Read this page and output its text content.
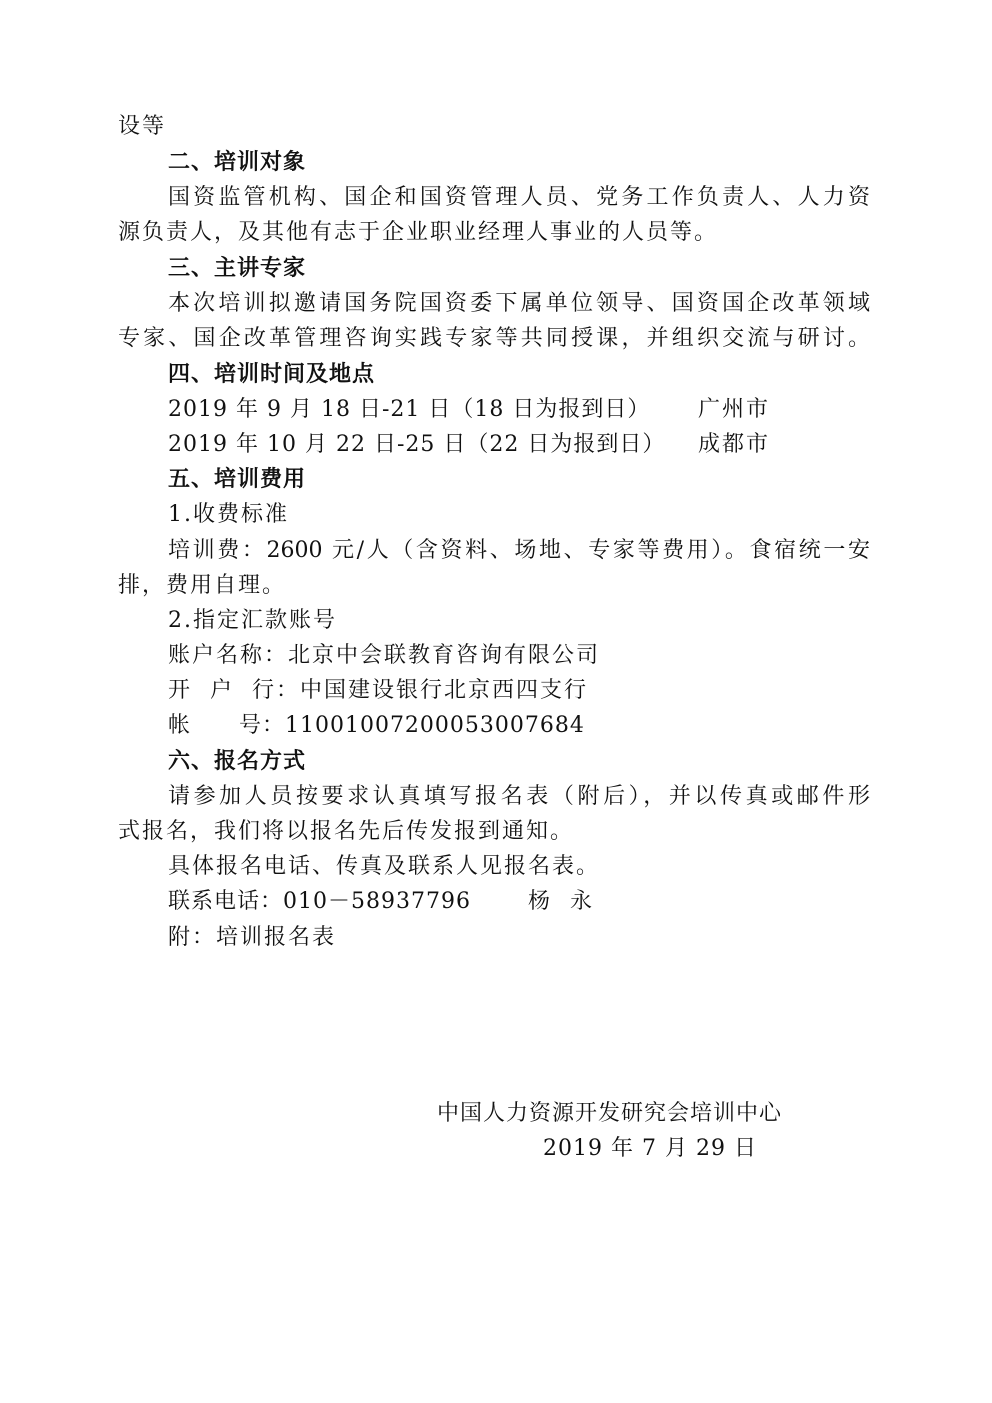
设等
二、培训对象
国资监管机构、国企和国资管理人员、党务工作负责人、人力资
源负责人，及其他有志于企业职业经理人事业的人员等。
三、主讲专家
本次培训拟邀请国务院国资委下属单位领导、国资国企改革领域
专家、国企改革管理咨询实践专家等共同授课，并组织交流与研讨。
四、培训时间及地点
2019 年 9 月 18 日-21 日（18 日为报到日） 广州市
2019 年 10 月 22 日-25 日（22 日为报到日） 成都市
五、培训费用
1.收费标准
培训费：2600 元/人（含资料、场地、专家等费用）。食宿统一安
排，费用自理。
2.指定汇款账号
账户名称：北京中会联教育咨询有限公司
开  户  行：中国建设银行北京西四支行
帐      号：11001007200053007684
六、报名方式
请参加人员按要求认真填写报名表（附后），并以传真或邮件形
式报名，我们将以报名先后传发报到通知。
具体报名电话、传真及联系人见报名表。
联系电话：010－58937796	杨  永
附：培训报名表
中国人力资源开发研究会培训中心
2019 年 7 月 29 日
